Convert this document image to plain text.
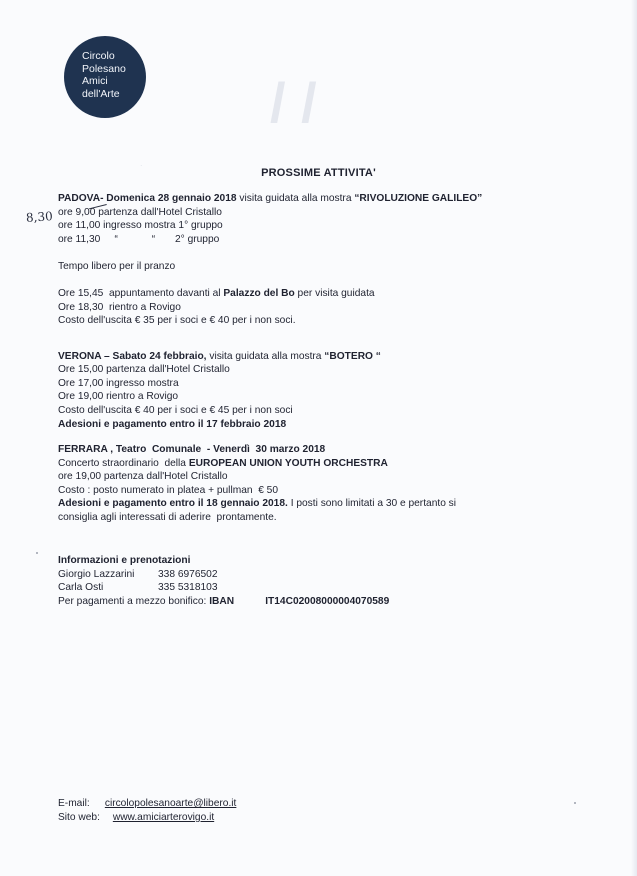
/ /
.
Circolo
Polesano
Amici
dell'Arte
PROSSIME ATTIVITA'
8,30

PADOVA- Domenica 28 gennaio 2018 visita guidata alla mostra “RIVOLUZIONE GALILEO”

ore 9,00 partenza dall'Hotel Cristallo

ore 11,00 ingresso mostra 1° gruppo

ore 11,30     “            “       2° gruppo

Tempo libero per il pranzo

Ore 15,45  appuntamento davanti al Palazzo del Bo per visita guidata

Ore 18,30  rientro a Rovigo

Costo dell'uscita € 35 per i soci e € 40 per i non soci.

VERONA – Sabato 24 febbraio, visita guidata alla mostra “BOTERO “

Ore 15,00 partenza dall'Hotel Cristallo

Ore 17,00 ingresso mostra

Ore 19,00 rientro a Rovigo

Costo dell'uscita € 40 per i soci e € 45 per i non soci

Adesioni e pagamento entro il 17 febbraio 2018

FERRARA , Teatro  Comunale  - Venerdì  30 marzo 2018

Concerto straordinario  della EUROPEAN UNION YOUTH ORCHESTRA

ore 19,00 partenza dall'Hotel Cristallo

Costo : posto numerato in platea + pullman  € 50

Adesioni e pagamento entro il 18 gennaio 2018. I posti sono limitati a 30 e pertanto si

consiglia agli interessati di aderire  prontamente.

Informazioni e prenotazioni

Giorgio Lazzarini 338 6976502

Carla Osti	335 5318103

Per pagamenti a mezzo bonifico: IBAN	IT14C02008000004070589

E-mail: circolopolesanoarte@libero.it
Sito web: www.amiciarterovigo.it
